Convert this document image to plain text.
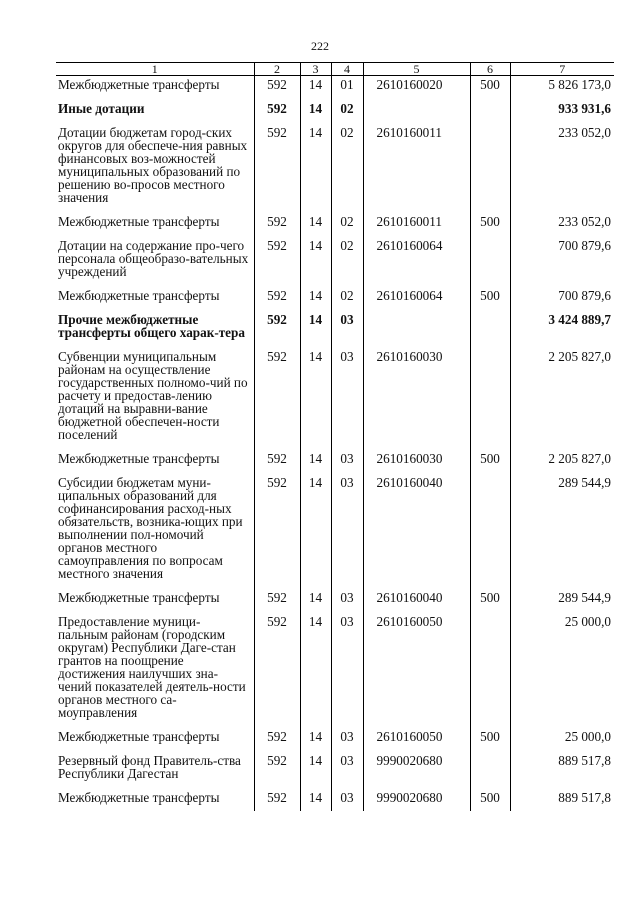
222
1	2	3	4	5	6	7
Межбюджетные трансферты	592	14	01	2610160020	500	5 826 173,0
Иные дотации	592	14	02			933 931,6
Дотации бюджетам город-ских округов для обеспече-ния равных финансовых воз-можностей муниципальных образований по решению во-просов местного значения	592	14	02	2610160011		233 052,0
Межбюджетные трансферты	592	14	02	2610160011	500	233 052,0
Дотации на содержание про-чего персонала общеобразо-вательных учреждений	592	14	02	2610160064		700 879,6
Межбюджетные трансферты	592	14	02	2610160064	500	700 879,6
Прочие межбюджетные трансферты общего харак-тера	592	14	03			3 424 889,7
Субвенции муниципальным районам на осуществление государственных полномо-чий по расчету и предостав-лению дотаций на выравни-вание бюджетной обеспечен-ности поселений	592	14	03	2610160030		2 205 827,0
Межбюджетные трансферты	592	14	03	2610160030	500	2 205 827,0
Субсидии бюджетам муни-ципальных образований для софинансирования расход-ных обязательств, возника-ющих при выполнении пол-номочий органов местного самоуправления по вопросам местного значения	592	14	03	2610160040		289 544,9
Межбюджетные трансферты	592	14	03	2610160040	500	289 544,9
Предоставление муници-пальным районам (городским округам) Республики Даге-стан грантов на поощрение достижения наилучших зна-чений показателей деятель-ности органов местного са-моуправления	592	14	03	2610160050		25 000,0
Межбюджетные трансферты	592	14	03	2610160050	500	25 000,0
Резервный фонд Правитель-ства Республики Дагестан	592	14	03	9990020680		889 517,8
Межбюджетные трансферты	592	14	03	9990020680	500	889 517,8
